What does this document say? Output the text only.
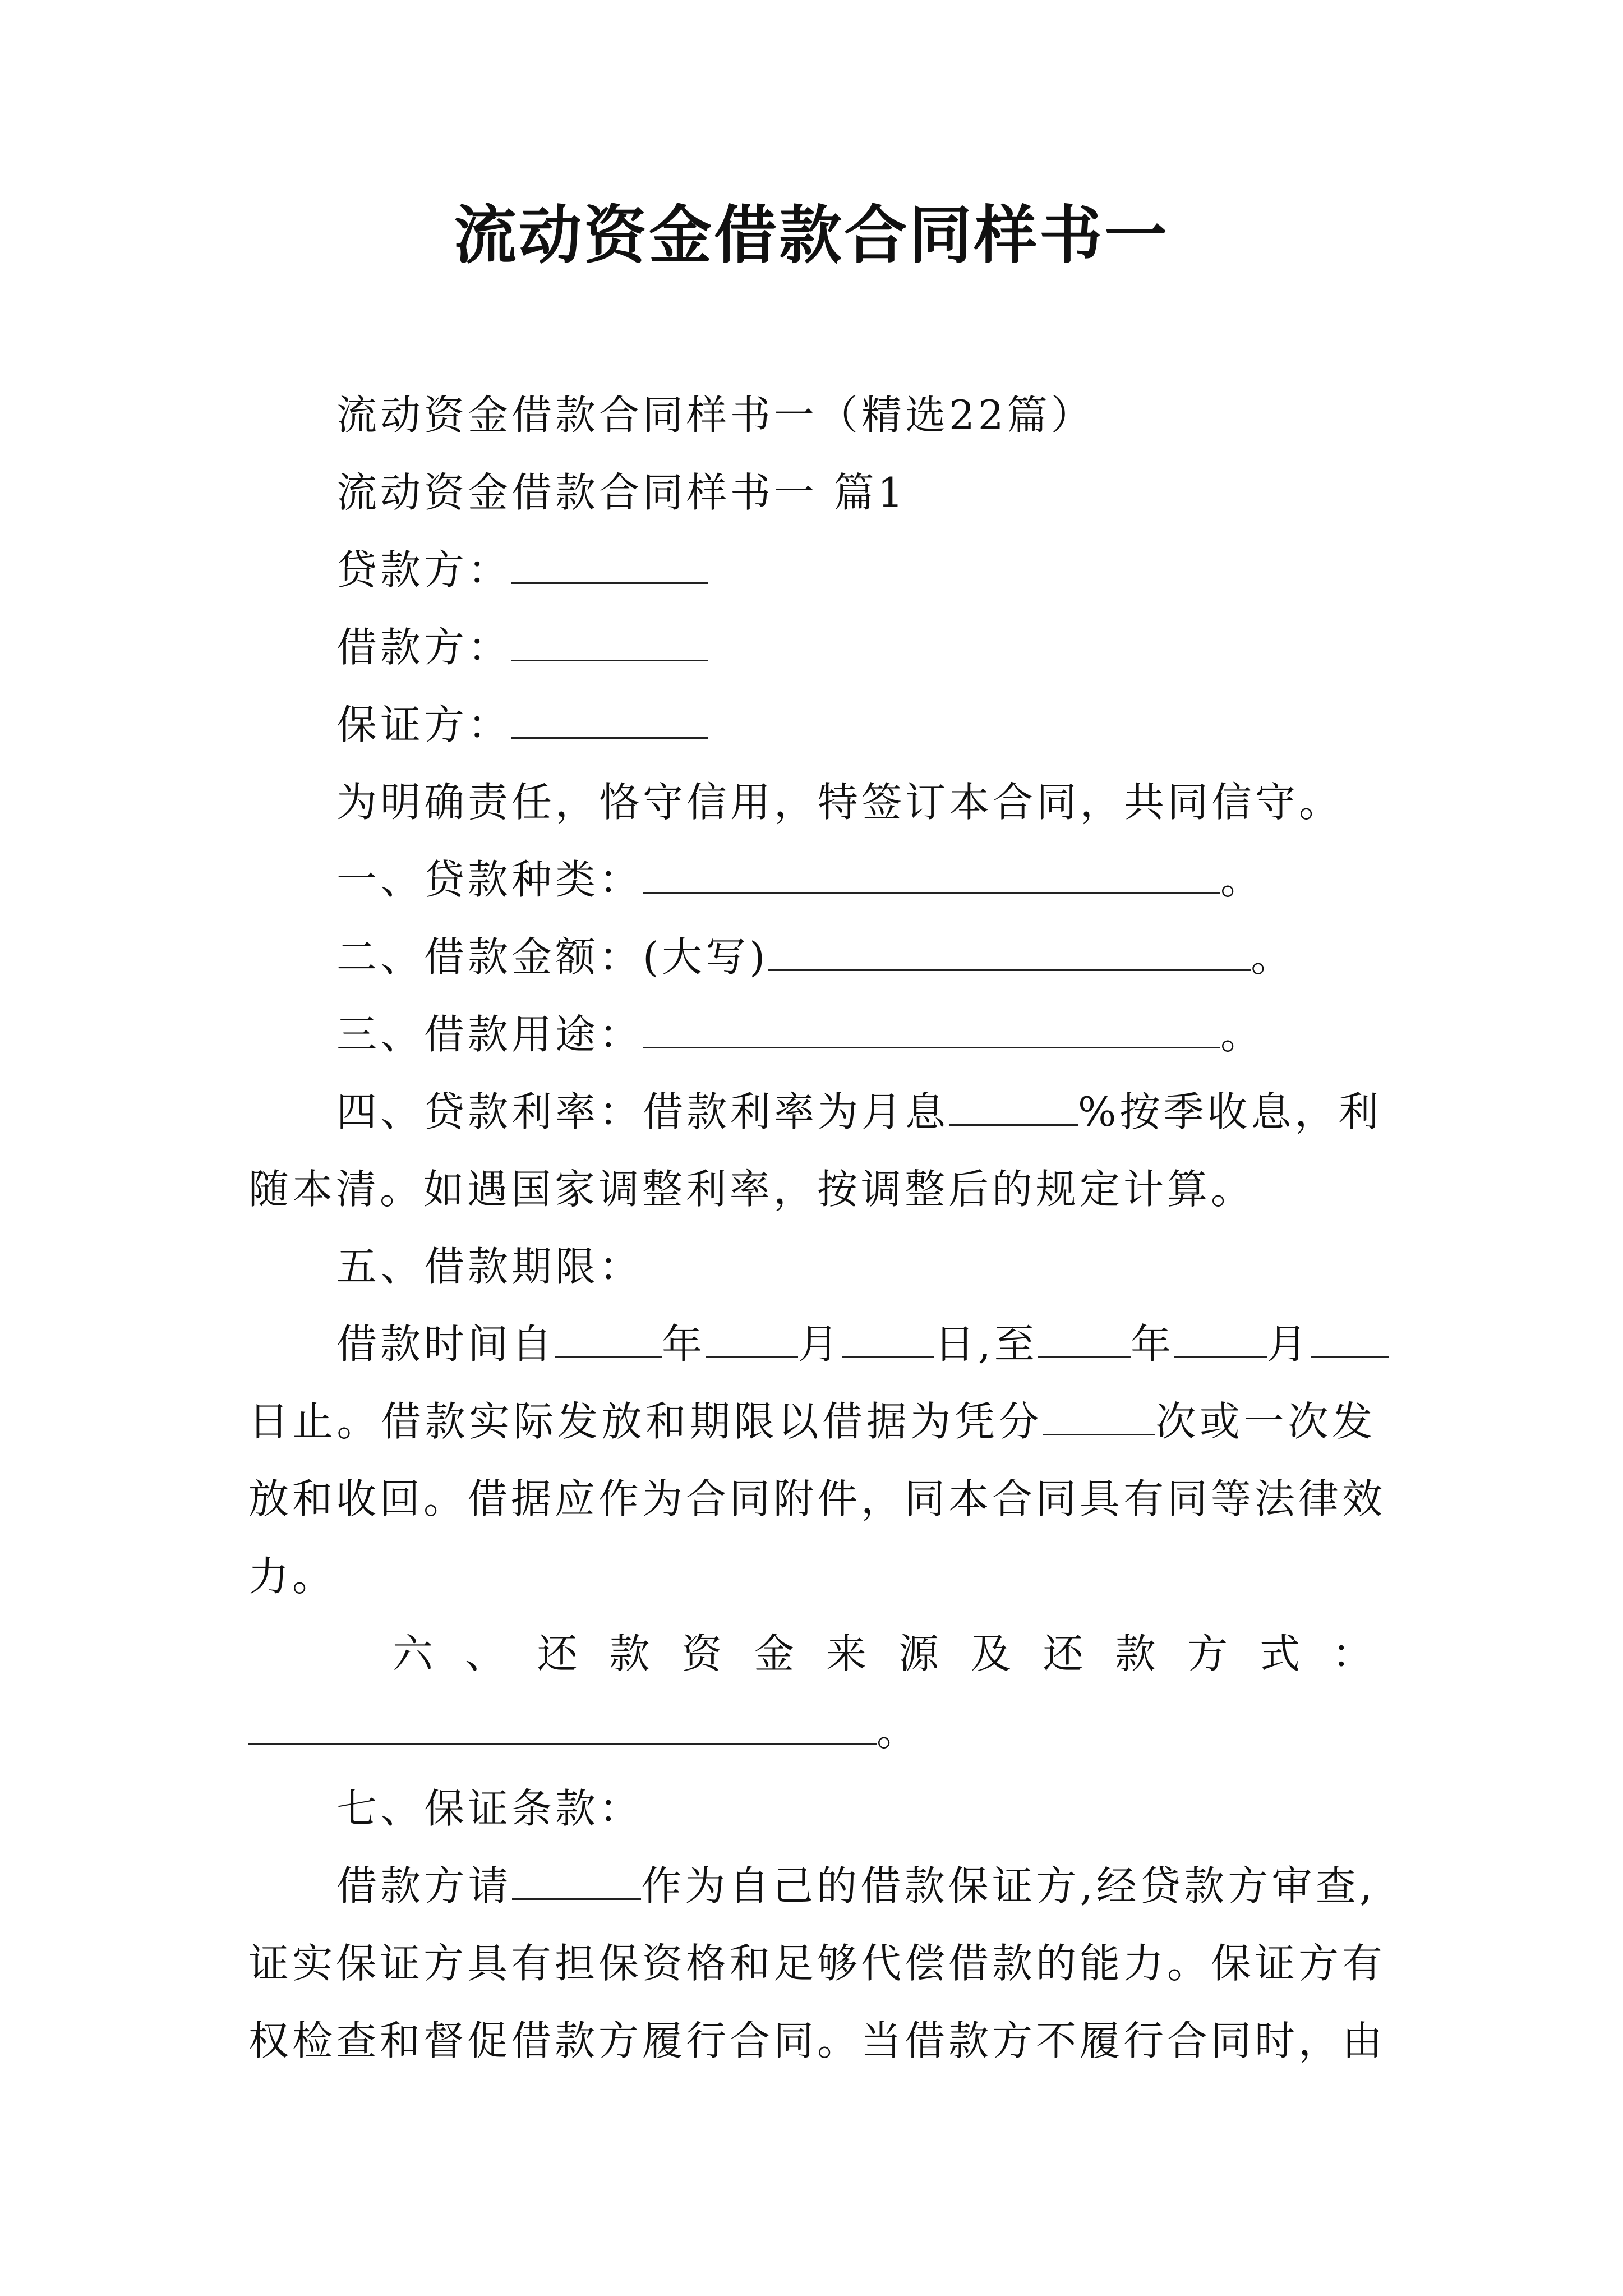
流动资金借款合同样书一
流动资金借款合同样书一（精选22篇）
流动资金借款合同样书一 篇1
贷款方：
借款方：
保证方：
为明确责任，恪守信用，特签订本合同，共同信守。
一、贷款种类：	。
二、借款金额：(大写)	。
三、借款用途：	。
四、贷款利率：借款利率为月息	%按季收息，利
随本清。如遇国家调整利率，按调整后的规定计算。
五、借款期限：
借款时间自	年 月 日,至 年 月
日止。借款实际发放和期限以借据为凭分	次或一次发
放和收回。借据应作为合同附件，同本合同具有同等法律效
力。
六、还款资金来源及还款方式：
。
七、保证条款：
借款方请	作为自己的借款保证方,经贷款方审查,
证实保证方具有担保资格和足够代偿借款的能力。保证方有
权检查和督促借款方履行合同。当借款方不履行合同时，由
